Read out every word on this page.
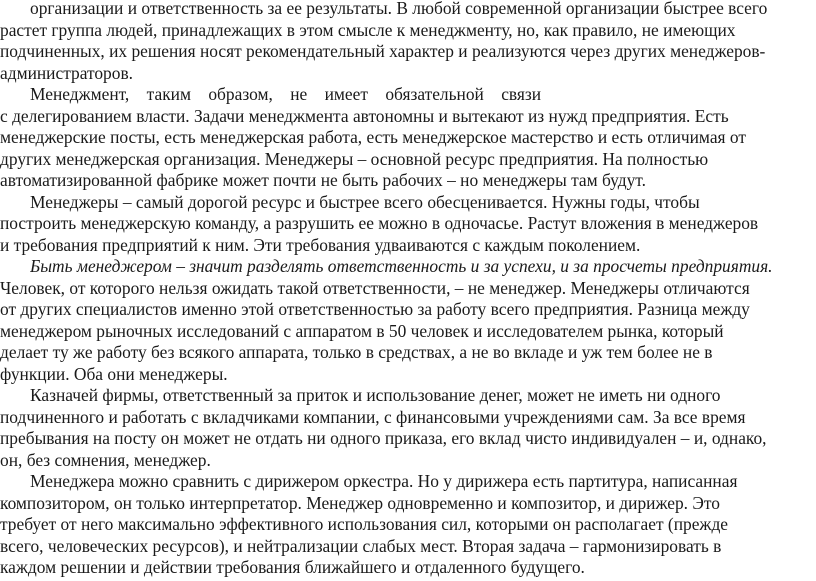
организации и ответственность за ее результаты. В любой современной организации быстрее всего
растет группа людей, принадлежащих в этом смысле к менеджменту, но, как правило, не имеющих
подчиненных, их решения носят рекомендательный характер и реализуются через других менеджеров-
администраторов.
Менеджмент,    таким    образом,    не    имеет    обязательной    связи
с делегированием власти. Задачи менеджмента автономны и вытекают из нужд предприятия. Есть
менеджерские посты, есть менеджерская работа, есть менеджерское мастерство и есть отличимая от
других менеджерская организация. Менеджеры – основной ресурс предприятия. На полностью
автоматизированной фабрике может почти не быть рабочих – но менеджеры там будут.
Менеджеры – самый дорогой ресурс и быстрее всего обесценивается. Нужны годы, чтобы
построить менеджерскую команду, а разрушить ее можно в одночасье. Растут вложения в менеджеров
и требования предприятий к ним. Эти требования удваиваются с каждым поколением.
Быть менеджером – значит разделять ответственность и за успехи, и за просчеты предприятия.
Человек, от которого нельзя ожидать такой ответственности, – не менеджер. Менеджеры отличаются
от других специалистов именно этой ответственностью за работу всего предприятия. Разница между
менеджером рыночных исследований с аппаратом в 50 человек и исследователем рынка, который
делает ту же работу без всякого аппарата, только в средствах, а не во вкладе и уж тем более не в
функции. Оба они менеджеры.
Казначей фирмы, ответственный за приток и использование денег, может не иметь ни одного
подчиненного и работать с вкладчиками компании, с финансовыми учреждениями сам. За все время
пребывания на посту он может не отдать ни одного приказа, его вклад чисто индивидуален – и, однако,
он, без сомнения, менеджер.
Менеджера можно сравнить с дирижером оркестра. Но у дирижера есть партитура, написанная
композитором, он только интерпретатор. Менеджер одновременно и композитор, и дирижер. Это
требует от него максимально эффективного использования сил, которыми он располагает (прежде
всего, человеческих ресурсов), и нейтрализации слабых мест. Вторая задача – гармонизировать в
каждом решении и действии требования ближайшего и отдаленного будущего.
